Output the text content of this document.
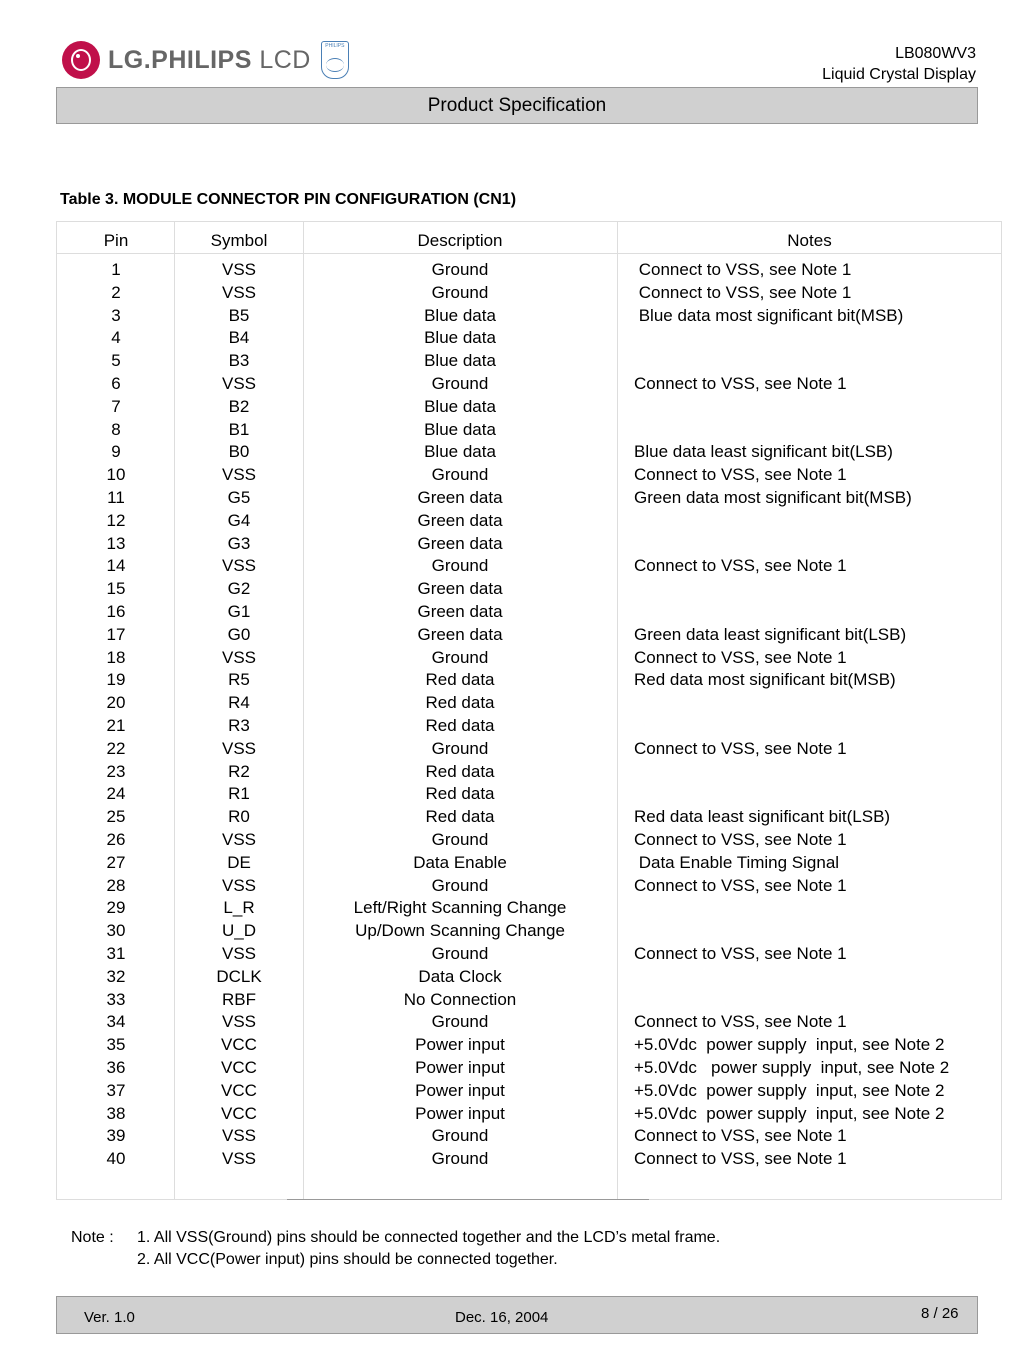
LG.PHILIPS LCD	PHILIPS	LB080WV3
Liquid Crystal Display
Product Specification
Table 3. MODULE CONNECTOR PIN CONFIGURATION (CN1)
Pin	Symbol	Description	Notes
1	VSS	Ground	Connect to VSS, see Note 1
2	VSS	Ground	Connect to VSS, see Note 1
3	B5	Blue data	Blue data most significant bit(MSB)
4	B4	Blue data
5	B3	Blue data
6	VSS	Ground	Connect to VSS, see Note 1
7	B2	Blue data
8	B1	Blue data
9	B0	Blue data	Blue data least significant bit(LSB)
10	VSS	Ground	Connect to VSS, see Note 1
11	G5	Green data	Green data most significant bit(MSB)
12	G4	Green data
13	G3	Green data
14	VSS	Ground	Connect to VSS, see Note 1
15	G2	Green data
16	G1	Green data
17	G0	Green data	Green data least significant bit(LSB)
18	VSS	Ground	Connect to VSS, see Note 1
19	R5	Red data	Red data most significant bit(MSB)
20	R4	Red data
21	R3	Red data
22	VSS	Ground	Connect to VSS, see Note 1
23	R2	Red data
24	R1	Red data
25	R0	Red data	Red data least significant bit(LSB)
26	VSS	Ground	Connect to VSS, see Note 1
27	DE	Data Enable	Data Enable Timing Signal
28	VSS	Ground	Connect to VSS, see Note 1
29	L_R	Left/Right Scanning Change
30	U_D	Up/Down Scanning Change
31	VSS	Ground	Connect to VSS, see Note 1
32	DCLK	Data Clock
33	RBF	No Connection
34	VSS	Ground	Connect to VSS, see Note 1
35	VCC	Power input	+5.0Vdc  power supply  input, see Note 2
36	VCC	Power input	+5.0Vdc   power supply  input, see Note 2
37	VCC	Power input	+5.0Vdc  power supply  input, see Note 2
38	VCC	Power input	+5.0Vdc  power supply  input, see Note 2
39	VSS	Ground	Connect to VSS, see Note 1
40	VSS	Ground	Connect to VSS, see Note 1
Note : 1. All VSS(Ground) pins should be connected together and the LCD’s metal frame.
2. All VCC(Power input) pins should be connected together.
Ver. 1.0	Dec. 16, 2004	8 / 26
